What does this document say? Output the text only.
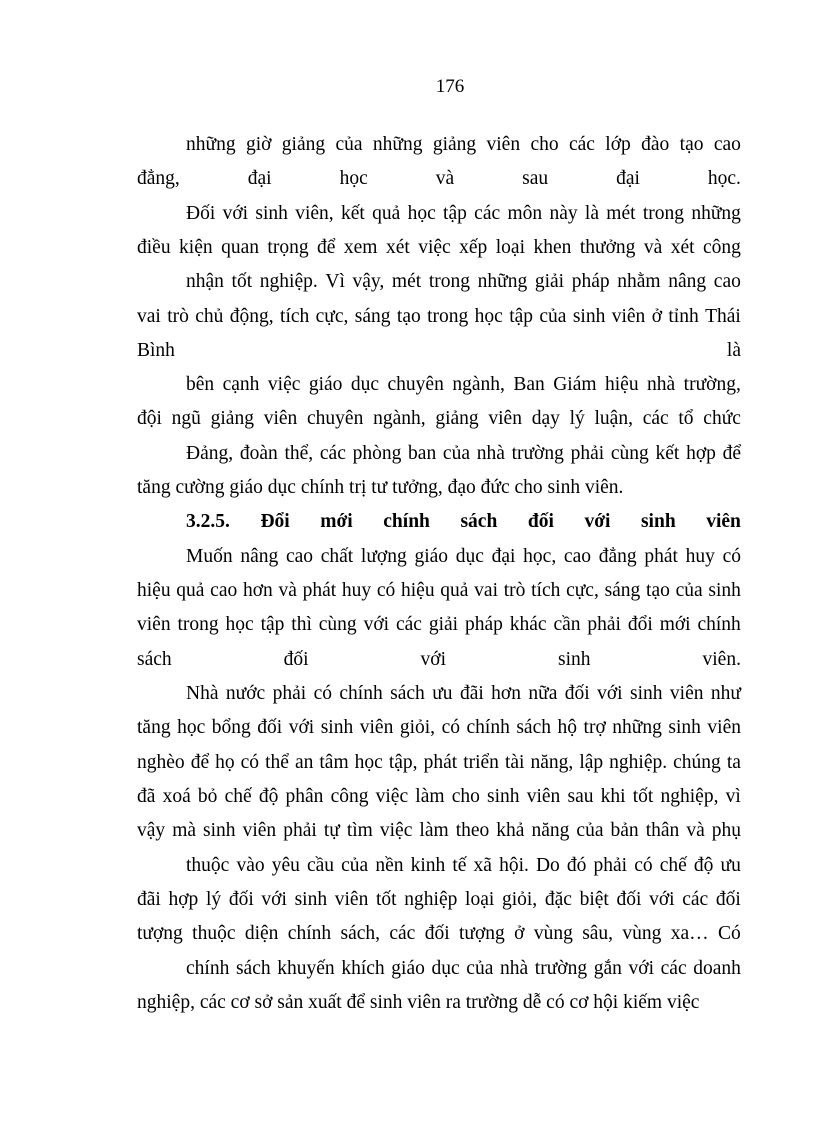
176
những giờ giảng của những giảng viên cho các lớp đào tạo cao
đẳng,	đại	học	và	sau	đại	học.
Đối với sinh viên, kết quả học tập các môn này là mét trong những
điều kiện quan trọng để xem xét việc xếp loại khen thưởng và xét công
nhận tốt nghiệp. Vì vậy, mét trong những giải pháp nhằm nâng cao
vai trò chủ động, tích cực, sáng tạo trong học tập của sinh viên ở tỉnh Thái
Bình	là
bên cạnh việc giáo dục chuyên ngành, Ban Giám hiệu nhà trường,
đội ngũ giảng viên chuyên ngành, giảng viên dạy lý luận, các tổ chức
Đảng, đoàn thể, các phòng ban của nhà trường phải cùng kết hợp để
tăng cường giáo dục chính trị tư tưởng, đạo đức cho sinh viên.
3.2.5. Đổi mới chính sách đối với sinh viên
Muốn nâng cao chất lượng giáo dục đại học, cao đẳng phát huy có
hiệu quả cao hơn và phát huy có hiệu quả vai trò tích cực, sáng tạo của sinh
viên trong học tập thì cùng với các giải pháp khác cần phải đổi mới chính
sách	đối	với	sinh	viên.
Nhà nước phải có chính sách ưu đãi hơn nữa đối với sinh viên như
tăng học bổng đối với sinh viên giỏi, có chính sách hộ trợ những sinh viên
nghèo để họ có thể an tâm học tập, phát triển tài năng, lập nghiệp. chúng ta
đã xoá bỏ chế độ phân công việc làm cho sinh viên sau khi tốt nghiệp, vì
vậy mà sinh viên phải tự tìm việc làm theo khả năng của bản thân và phụ
thuộc vào yêu cầu của nền kinh tế xã hội. Do đó phải có chế độ ưu
đãi hợp lý đối với sinh viên tốt nghiệp loại giỏi, đặc biệt đối với các đối
tượng thuộc diện chính sách, các đối tượng ở vùng sâu, vùng xa… Có
chính sách khuyến khích giáo dục của nhà trường gắn với các doanh
nghiệp, các cơ sở sản xuất để sinh viên ra trường dễ có cơ hội kiếm việc
